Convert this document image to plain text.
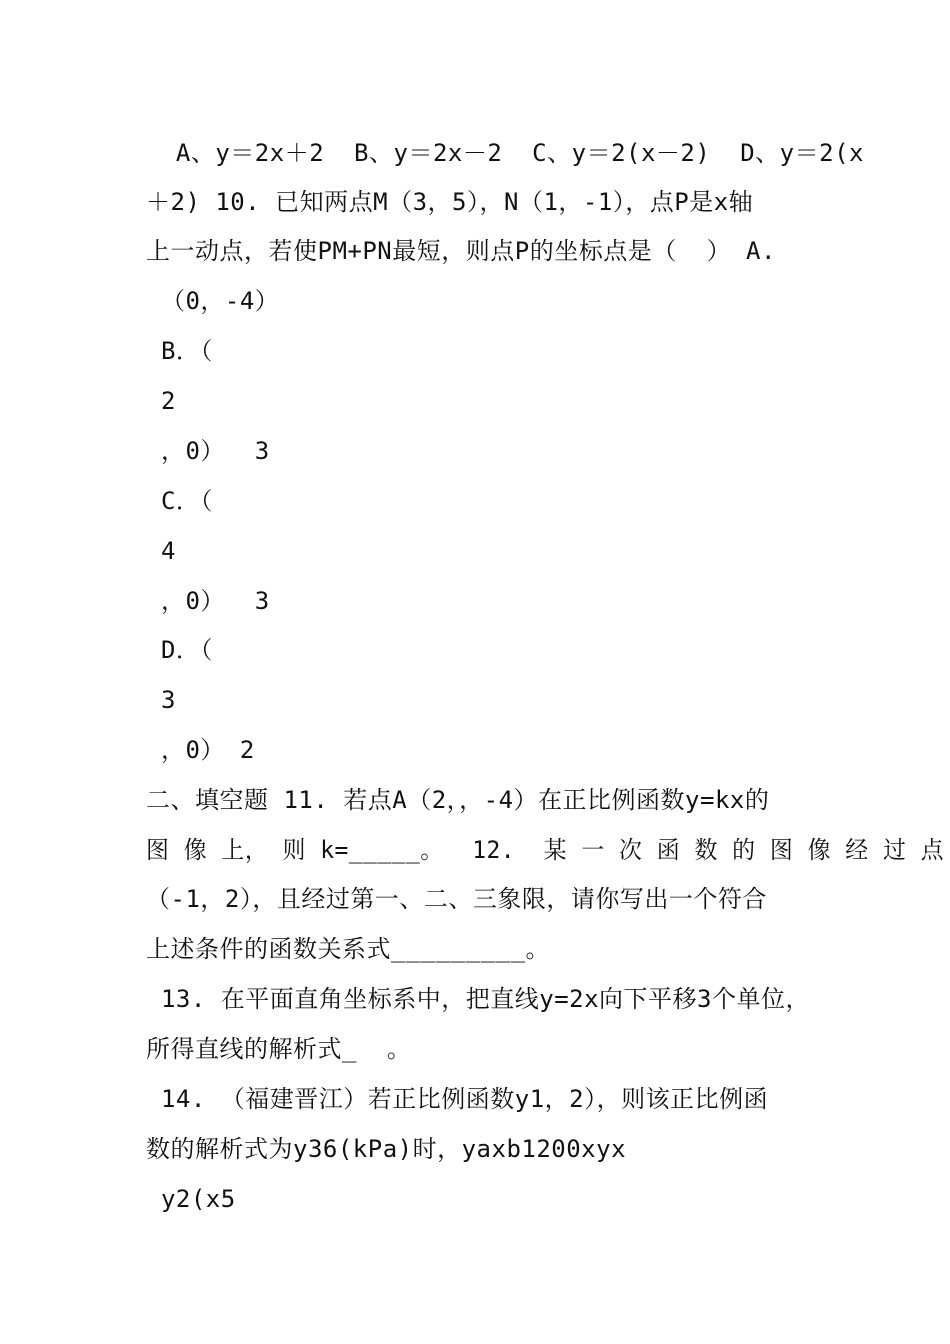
A、y＝2x＋2  B、y＝2x－2  C、y＝2(x－2)  D、y＝2(x
＋2) 10. 已知两点M（3，5），N（1，-1），点P是x轴
上一动点，若使PM+PN最短，则点P的坐标点是（  ） A.
（0，-4）
B．（
2
，0）  3
C．（
4
，0）  3
D．（
3
，0） 2
二、填空题 11. 若点A（2，，-4）在正比例函数y=kx的
图 像 上， 则 k=_____。  12.  某 一 次 函 数 的 图 像 经 过 点
（-1，2），且经过第一、二、三象限，请你写出一个符合
上述条件的函数关系式_________。
13. 在平面直角坐标系中，把直线y=2x向下平移3个单位，
所得直线的解析式_  。
14. （福建晋江）若正比例函数y1，2），则该正比例函
数的解析式为y36(kPa)时，yaxb1200xyx
y2(x5
